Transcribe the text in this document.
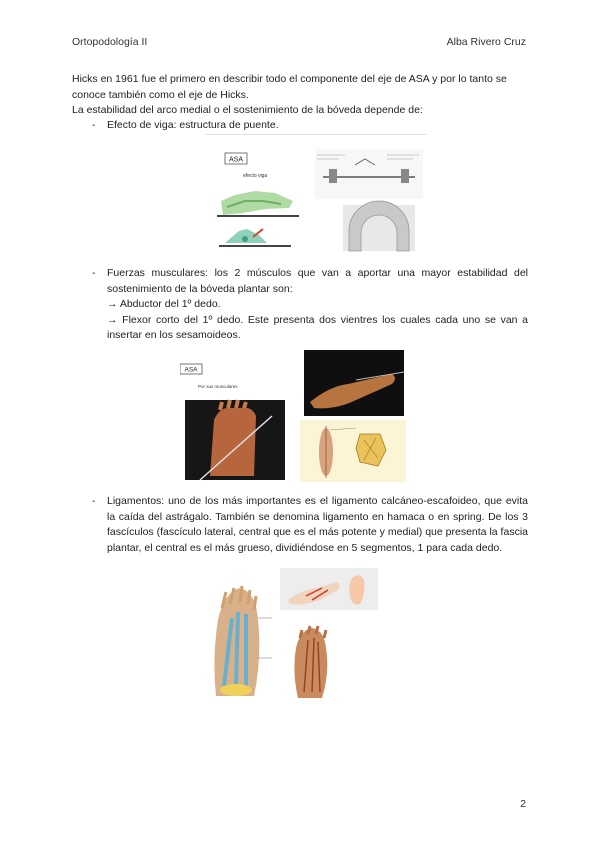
Ortopodología II	Alba Rivero Cruz
Hicks en 1961 fue el primero en describir todo el componente del eje de ASA y por lo tanto se conoce también como el eje de Hicks.
La estabilidad del arco medial o el sostenimiento de la bóveda depende de:
- Efecto de viga: estructura de puente.
ASA
efecto viga
- Fuerzas musculares: los 2 músculos que van a aportar una mayor estabilidad del sostenimiento de la bóveda plantar son:
→ Abductor del 1º dedo.
→ Flexor corto del 1º dedo. Este presenta dos vientres los cuales cada uno se van a insertar en los sesamoideos.
ASA
Por sus musculares
- Ligamentos: uno de los más importantes es el ligamento calcáneo-escafoideo, que evita la caída del astrágalo. También se denomina ligamento en hamaca o en spring. De los 3 fascículos (fascículo lateral, central que es el más potente y medial) que presenta la fascia plantar, el central es el más grueso, dividiéndose en 5 segmentos, 1 para cada dedo.
2
